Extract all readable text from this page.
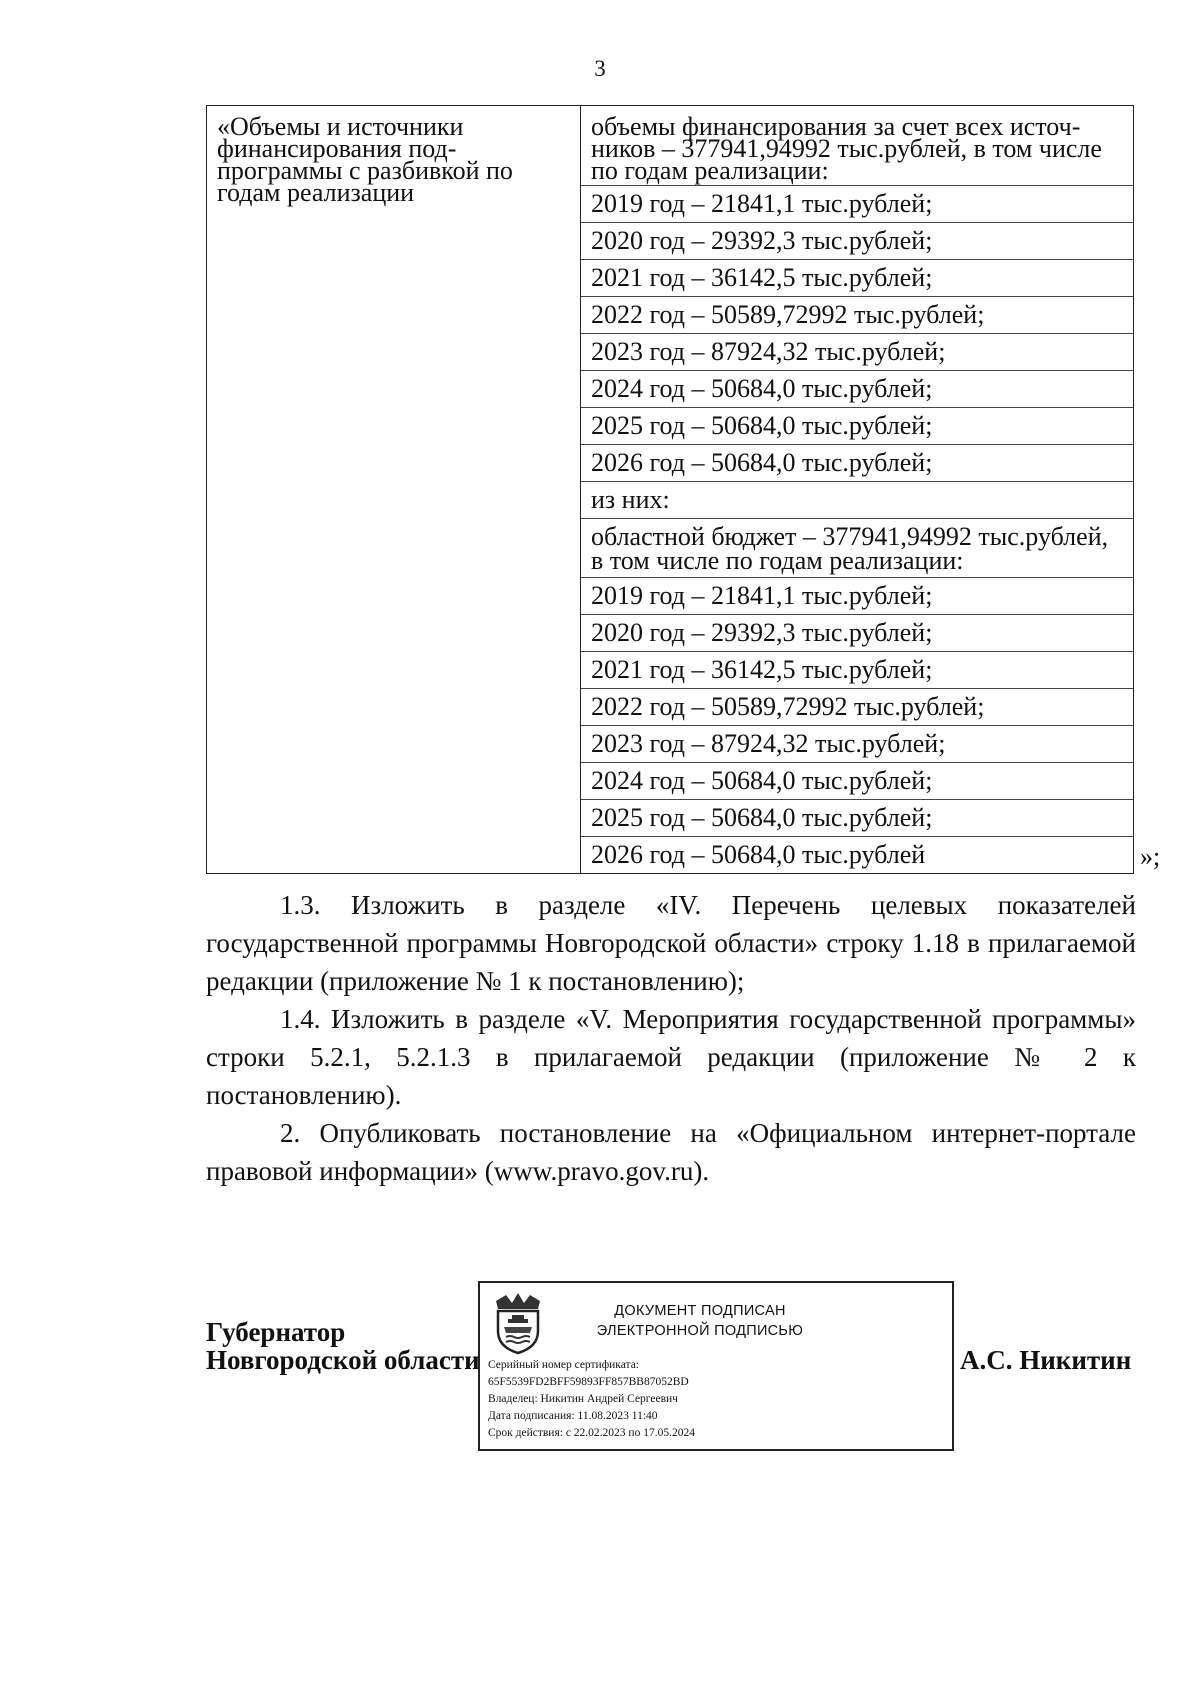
3
«Объемы и источники финансирования под-программы с разбивкой по годам реализации	
объемы финансирования за счет всех источ-ников – 377941,94992 тыс.рублей, в том числе по годам реализации:
2019 год – 21841,1 тыс.рублей;
2020 год – 29392,3 тыс.рублей;
2021 год – 36142,5 тыс.рублей;
2022 год – 50589,72992 тыс.рублей;
2023 год – 87924,32 тыс.рублей;
2024 год – 50684,0 тыс.рублей;
2025 год – 50684,0 тыс.рублей;
2026 год – 50684,0 тыс.рублей;
из них:
областной бюджет – 377941,94992 тыс.рублей, в том числе по годам реализации:
2019 год – 21841,1 тыс.рублей;
2020 год – 29392,3 тыс.рублей;
2021 год – 36142,5 тыс.рублей;
2022 год – 50589,72992 тыс.рублей;
2023 год – 87924,32 тыс.рублей;
2024 год – 50684,0 тыс.рублей;
2025 год – 50684,0 тыс.рублей;
2026 год – 50684,0 тыс.рублей	»;
1.3. Изложить в разделе «IV. Перечень целевых показателей государственной программы Новгородской области» строку 1.18 в прилагаемой редакции (приложение № 1 к постановлению);
1.4. Изложить в разделе «V. Мероприятия государственной программы» строки 5.2.1, 5.2.1.3 в прилагаемой редакции (приложение № 2 к постановлению).
2. Опубликовать постановление на «Официальном интернет-портале правовой информации» (www.pravo.gov.ru).
Губернатор
Новгородской области
ДОКУМЕНТ ПОДПИСАН
ЭЛЕКТРОННОЙ ПОДПИСЬЮ
Серийный номер сертификата:
65F5539FD2BFF59893FF857BB87052BD
Владелец: Никитин Андрей Сергеевич
Дата подписания: 11.08.2023 11:40
Срок действия: с 22.02.2023 по 17.05.2024
А.С. Никитин
